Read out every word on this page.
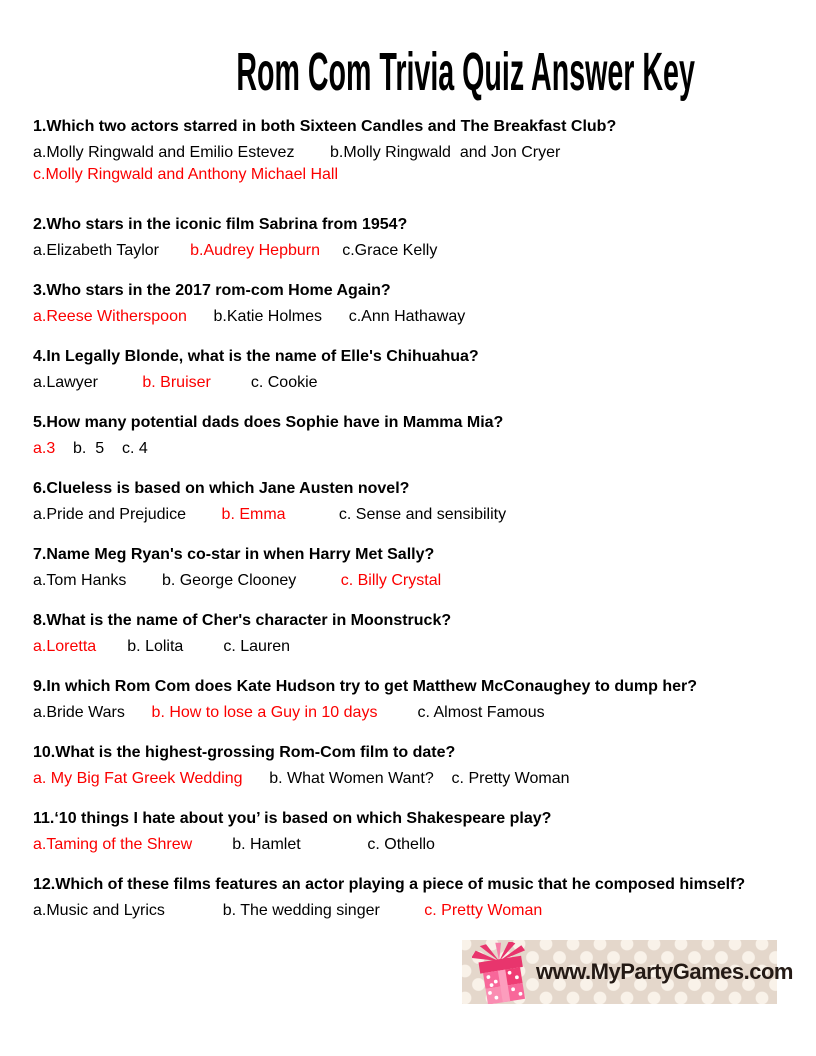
Rom Com Trivia Quiz Answer Key
1.Which two actors starred in both Sixteen Candles and The Breakfast Club?
a.Molly Ringwald and Emilio Estevez        b.Molly Ringwald  and Jon Cryer
c.Molly Ringwald and Anthony Michael Hall
2.Who stars in the iconic film Sabrina from 1954?
a.Elizabeth Taylor       b.Audrey Hepburn     c.Grace Kelly
3.Who stars in the 2017 rom-com Home Again?
a.Reese Witherspoon      b.Katie Holmes      c.Ann Hathaway
4.In Legally Blonde, what is the name of Elle's Chihuahua?
a.Lawyer          b. Bruiser         c. Cookie
5.How many potential dads does Sophie have in Mamma Mia?
a.3    b.  5    c. 4
6.Clueless is based on which Jane Austen novel?
a.Pride and Prejudice        b. Emma            c. Sense and sensibility
7.Name Meg Ryan's co-star in when Harry Met Sally?
a.Tom Hanks        b. George Clooney          c. Billy Crystal
8.What is the name of Cher's character in Moonstruck?
a.Loretta       b. Lolita         c. Lauren
9.In which Rom Com does Kate Hudson try to get Matthew McConaughey to dump her?
a.Bride Wars      b. How to lose a Guy in 10 days         c. Almost Famous
10.What is the highest-grossing Rom-Com film to date?
a. My Big Fat Greek Wedding      b. What Women Want?    c. Pretty Woman
11.‘10 things I hate about you’ is based on which Shakespeare play?
a.Taming of the Shrew         b. Hamlet               c. Othello
12.Which of these films features an actor playing a piece of music that he composed himself?
a.Music and Lyrics             b. The wedding singer          c. Pretty Woman
www.MyPartyGames.com
